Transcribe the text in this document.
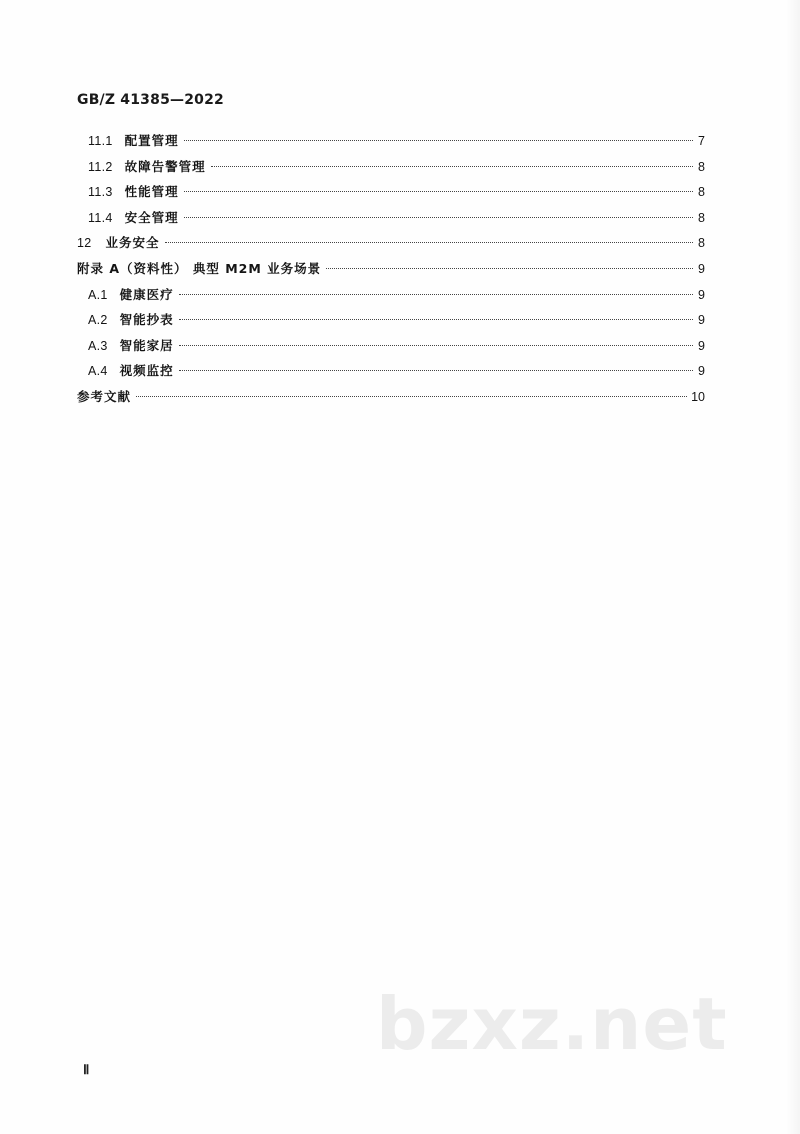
GB/Z 41385—2022
11.1 配置管理	7
11.2 故障告警管理	8
11.3 性能管理	8
11.4 安全管理	8
12 业务安全	8
附录 A（资料性） 典型 M2M 业务场景	9
A.1 健康医疗	9
A.2 智能抄表	9
A.3 智能家居	9
A.4 视频监控	9
参考文献	10
bzxz.net
Ⅱ
